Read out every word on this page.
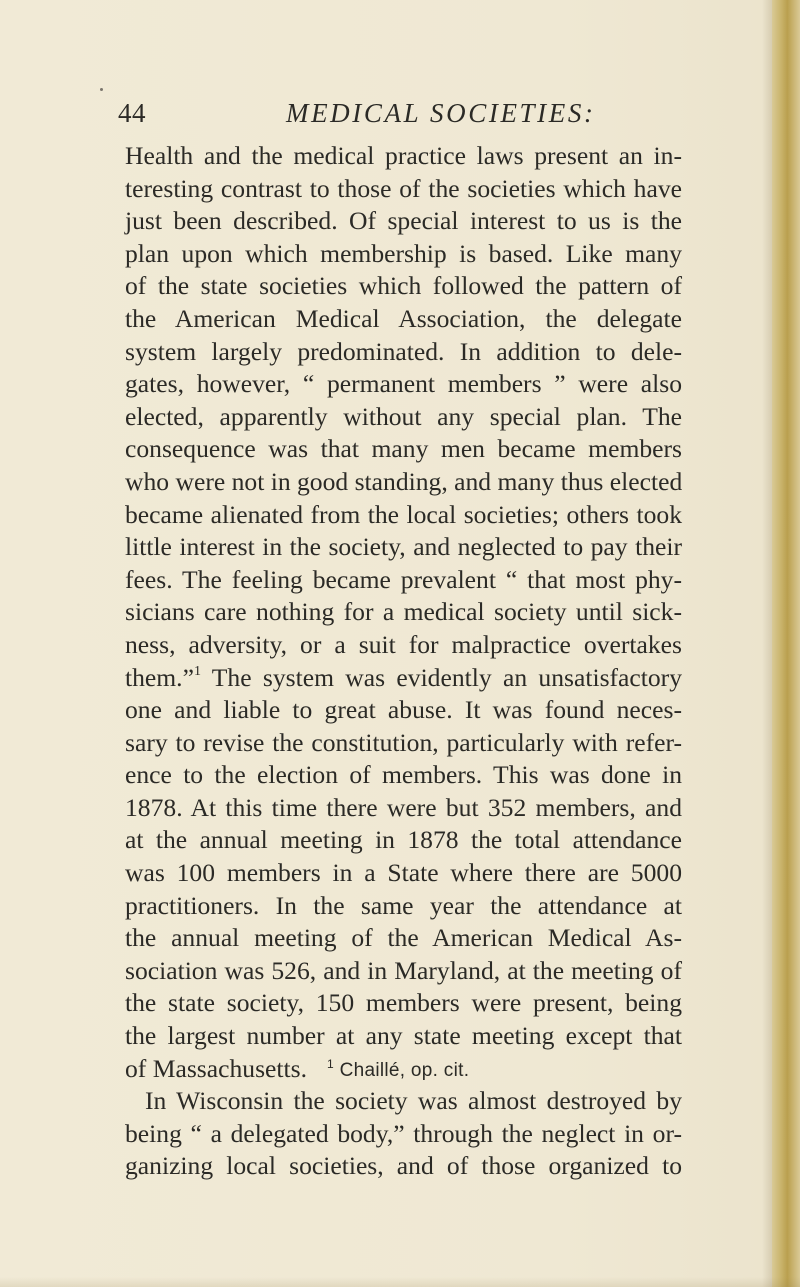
44	MEDICAL SOCIETIES:
Health and the medical practice laws present an in-
teresting contrast to those of the societies which have
just been described. Of special interest to us is the
plan upon which membership is based. Like many
of the state societies which followed the pattern of
the American Medical Association, the delegate
system largely predominated. In addition to dele-
gates, however, “ permanent members ” were also
elected, apparently without any special plan. The
consequence was that many men became members
who were not in good standing, and many thus elected
became alienated from the local societies; others took
little interest in the society, and neglected to pay their
fees. The feeling became prevalent “ that most phy-
sicians care nothing for a medical society until sick-
ness, adversity, or a suit for malpractice overtakes
them.”$^1$ The system was evidently an unsatisfactory
one and liable to great abuse. It was found neces-
sary to revise the constitution, particularly with refer-
ence to the election of members. This was done in
1878. At this time there were but 352 members, and
at the annual meeting in 1878 the total attendance
was 100 members in a State where there are 5000
practitioners. In the same year the attendance at
the annual meeting of the American Medical As-
sociation was 526, and in Maryland, at the meeting of
the state society, 150 members were present, being
the largest number at any state meeting except that
of Massachusetts.
In Wisconsin the society was almost destroyed by
being “ a delegated body,” through the neglect in or-
ganizing local societies, and of those organized to
$^1$ Chaillé, op. cit.
